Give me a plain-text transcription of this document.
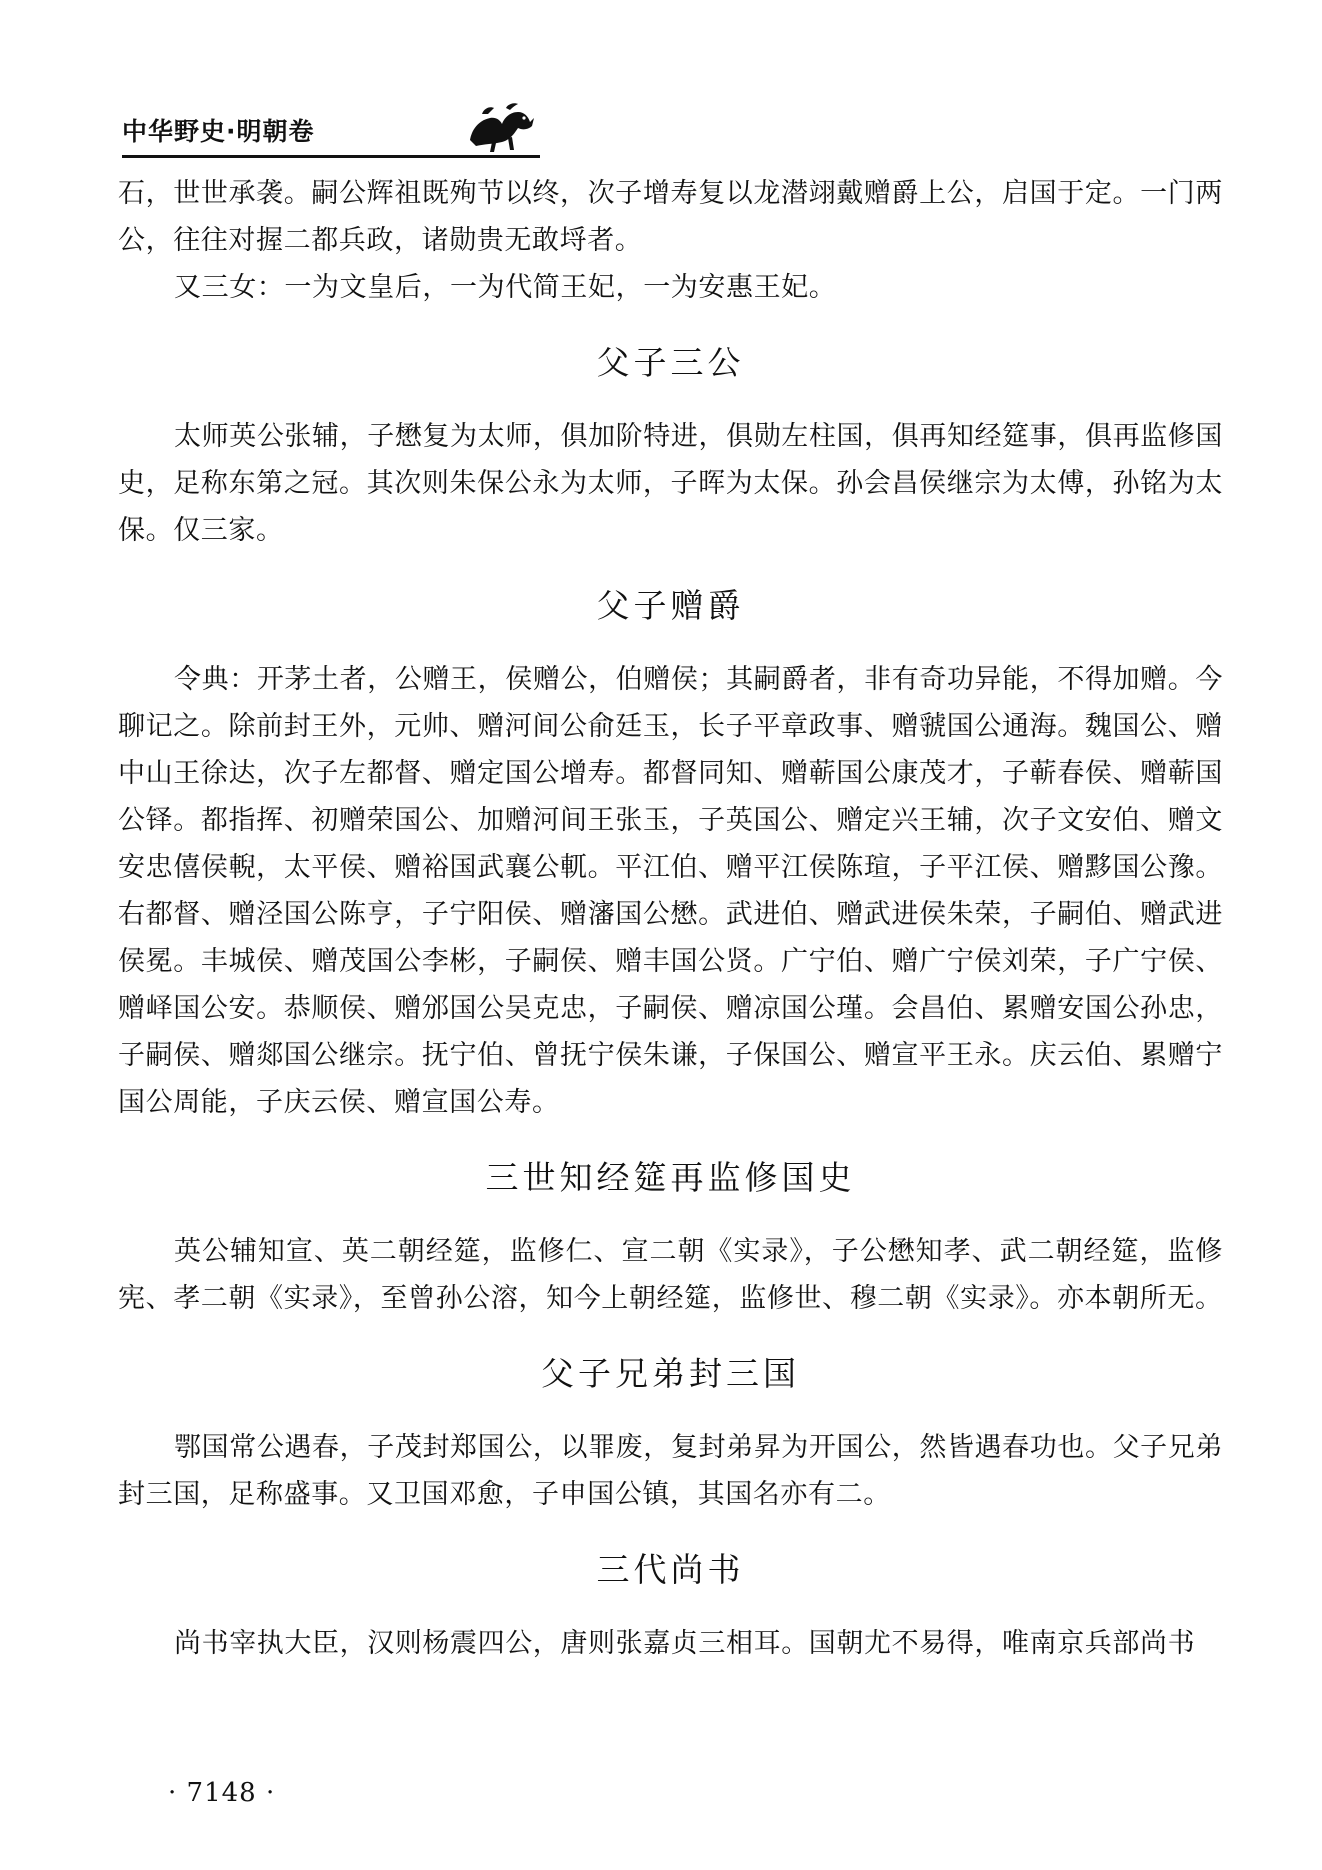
中华野史·明朝卷

石，世世承袭。嗣公辉祖既殉节以终，次子增寿复以龙潜翊戴赠爵上公，启国于定。一门两公，往往对握二都兵政，诸勋贵无敢埒者。

又三女：一为文皇后，一为代简王妃，一为安惠王妃。

父子三公

太师英公张辅，子懋复为太师，俱加阶特进，俱勋左柱国，俱再知经筵事，俱再监修国史，足称东第之冠。其次则朱保公永为太师，子晖为太保。孙会昌侯继宗为太傅，孙铭为太保。仅三家。

父子赠爵

令典：开茅土者，公赠王，侯赠公，伯赠侯；其嗣爵者，非有奇功异能，不得加赠。今聊记之。除前封王外，元帅、赠河间公俞廷玉，长子平章政事、赠虢国公通海。魏国公、赠中山王徐达，次子左都督、赠定国公增寿。都督同知、赠蕲国公康茂才，子蕲春侯、赠蕲国公铎。都指挥、初赠荣国公、加赠河间王张玉，子英国公、赠定兴王辅，次子文安伯、赠文安忠僖侯輗，太平侯、赠裕国武襄公軏。平江伯、赠平江侯陈瑄，子平江侯、赠黟国公豫。右都督、赠泾国公陈亨，子宁阳侯、赠瀋国公懋。武进伯、赠武进侯朱荣，子嗣伯、赠武进侯冕。丰城侯、赠茂国公李彬，子嗣侯、赠丰国公贤。广宁伯、赠广宁侯刘荣，子广宁侯、赠峄国公安。恭顺侯、赠邠国公吴克忠，子嗣侯、赠凉国公瑾。会昌伯、累赠安国公孙忠，子嗣侯、赠郯国公继宗。抚宁伯、曾抚宁侯朱谦，子保国公、赠宣平王永。庆云伯、累赠宁国公周能，子庆云侯、赠宣国公寿。

三世知经筵再监修国史

英公辅知宣、英二朝经筵，监修仁、宣二朝《实录》，子公懋知孝、武二朝经筵，监修宪、孝二朝《实录》，至曾孙公溶，知今上朝经筵，监修世、穆二朝《实录》。亦本朝所无。

父子兄弟封三国

鄂国常公遇春，子茂封郑国公，以罪废，复封弟昇为开国公，然皆遇春功也。父子兄弟封三国，足称盛事。又卫国邓愈，子申国公镇，其国名亦有二。

三代尚书

尚书宰执大臣，汉则杨震四公，唐则张嘉贞三相耳。国朝尤不易得，唯南京兵部尚书

· 7148 ·
